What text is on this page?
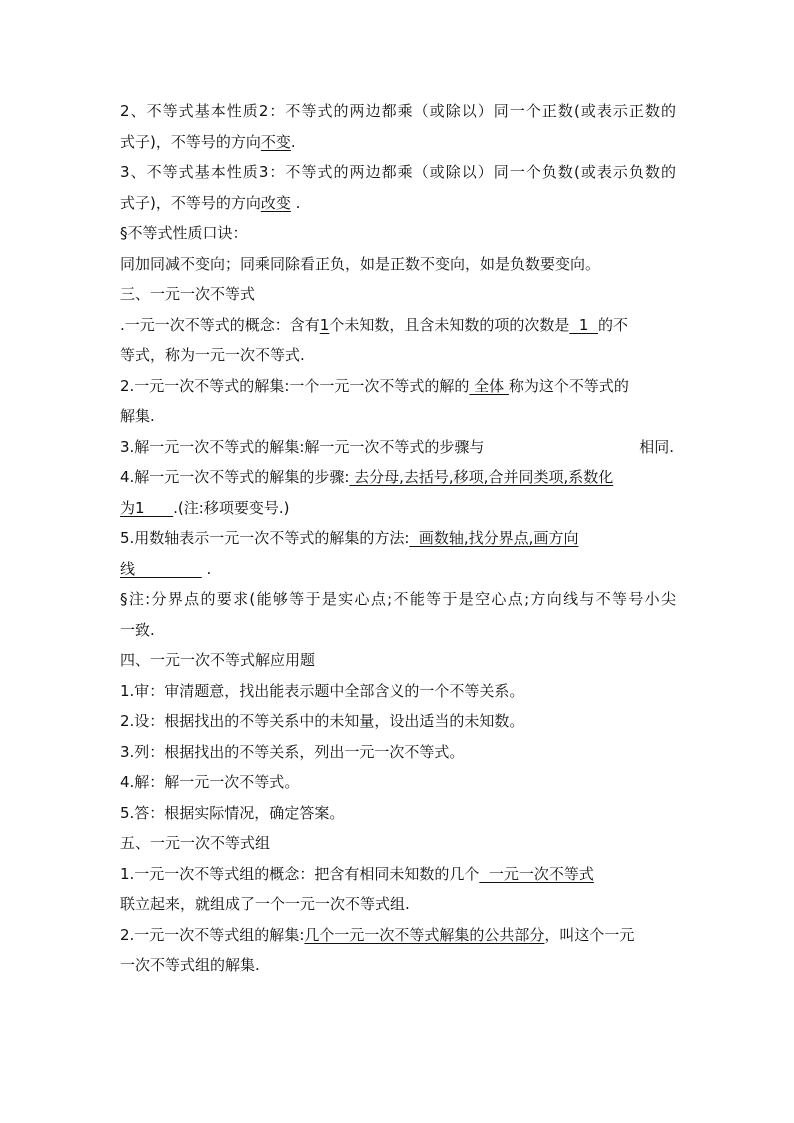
2、不等式基本性质2：不等式的两边都乘（或除以）同一个正数(或表示正数的
式子)，不等号的方向不变.
3、不等式基本性质3：不等式的两边都乘（或除以）同一个负数(或表示负数的
式子)，不等号的方向改变 .
§不等式性质口诀：
同加同减不变向；同乘同除看正负，如是正数不变向，如是负数要变向。
三、一元一次不等式
.一元一次不等式的概念：含有1个未知数，且含未知数的项的次数是  1  的不
等式，称为一元一次不等式.
2.一元一次不等式的解集:一个一元一次不等式的解的 全体 称为这个不等式的
解集.
3.解一元一次不等式的解集:解一元一次不等式的步骤与	相同.
4.解一元一次不等式的解集的步骤: 去分母,去括号,移项,合并同类项,系数化
为1      .(注:移项要变号.)
5.用数轴表示一元一次不等式的解集的方法:  画数轴,找分界点,画方向
线               .
§注:分界点的要求(能够等于是实心点;不能等于是空心点;方向线与不等号小尖
一致.
四、一元一次不等式解应用题
1.审：审清题意，找出能表示题中全部含义的一个不等关系。
2.设：根据找出的不等关系中的未知量，设出适当的未知数。
3.列：根据找出的不等关系，列出一元一次不等式。
4.解：解一元一次不等式。
5.答：根据实际情况，确定答案。
五、一元一次不等式组
1.一元一次不等式组的概念：把含有相同未知数的几个  一元一次不等式
联立起来，就组成了一个一元一次不等式组.
2.一元一次不等式组的解集:几个一元一次不等式解集的公共部分，叫这个一元
一次不等式组的解集.
